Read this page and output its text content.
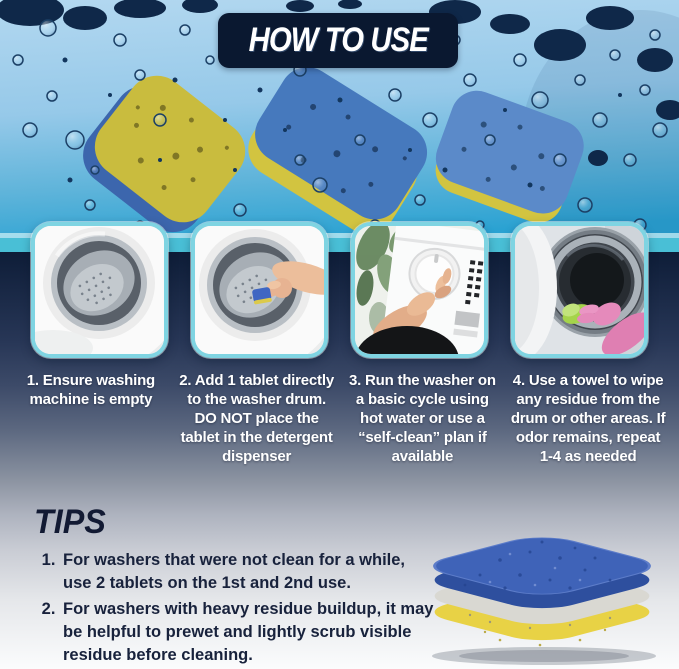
HOW TO USE
1. Ensure washing machine is empty
2. Add 1 tablet directly to the washer drum. DO NOT place the tablet in the detergent dispenser
3. Run the washer on a basic cycle using hot water or use a “self-clean” plan if available
4. Use a towel to wipe any residue from the drum or other areas. If odor remains, repeat 1-4 as needed
TIPS
1. For washers that were not clean for a while, use 2 tablets on the 1st and 2nd use.
2. For washers with heavy residue buildup, it may be helpful to prewet and lightly scrub visible residue before cleaning.
